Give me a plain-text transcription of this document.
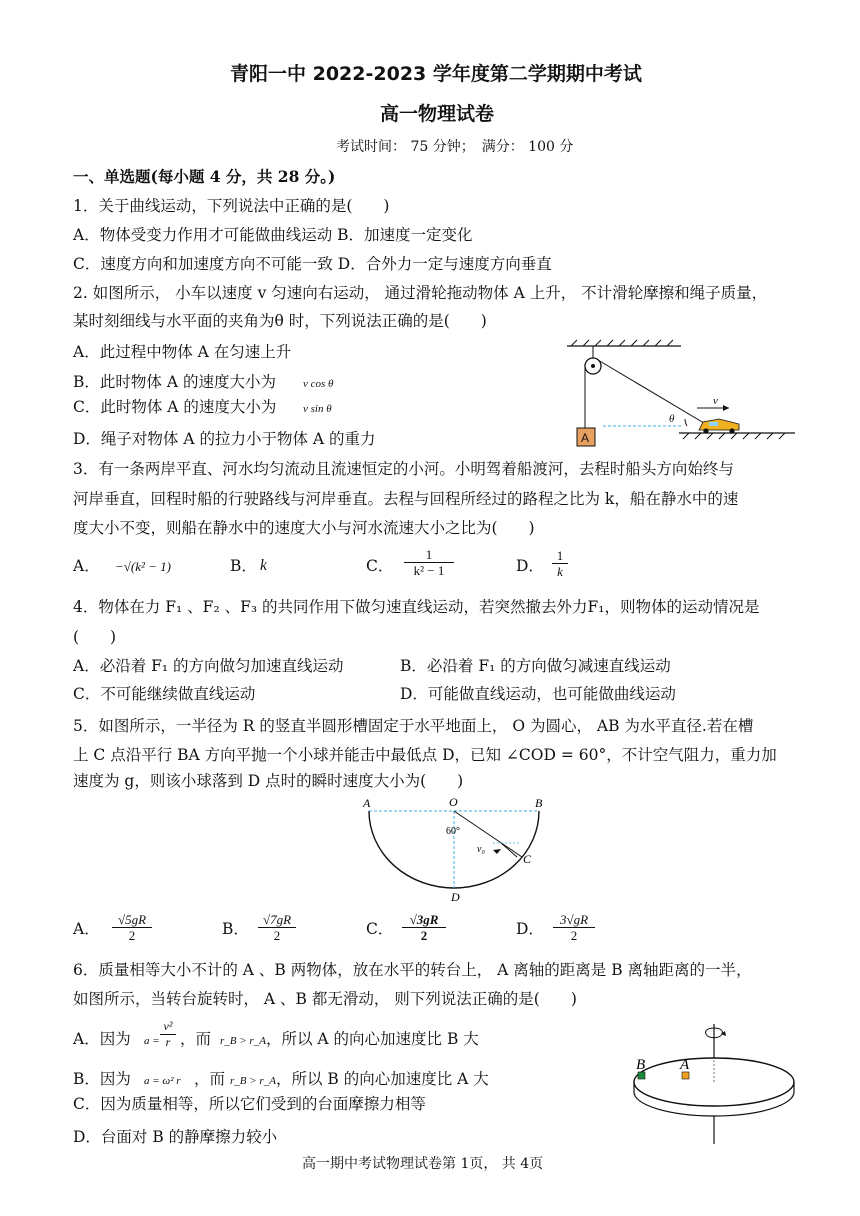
青阳一中 2022-2023 学年度第二学期期中考试
高一物理试卷
考试时间： 75 分钟；　满分： 100 分
一、单选题(每小题 4 分，共 28 分。)
1．关于曲线运动，下列说法中正确的是(　　)
A．物体受变力作用才可能做曲线运动 B．加速度一定变化
C．速度方向和加速度方向不可能一致 D．合外力一定与速度方向垂直
2. 如图所示， 小车以速度 v 匀速向右运动， 通过滑轮拖动物体 A 上升， 不计滑轮摩擦和绳子质量，
某时刻细线与水平面的夹角为θ 时，下列说法正确的是(　　)
A．此过程中物体 A 在匀速上升
B．此时物体 A 的速度大小为 v cos θ
C．此时物体 A 的速度大小为 v sin θ
D．绳子对物体 A 的拉力小于物体 A 的重力	A
θ
v
3．有一条两岸平直、河水均匀流动且流速恒定的小河。小明驾着船渡河，去程时船头方向始终与
河岸垂直，回程时船的行驶路线与河岸垂直。去程与回程所经过的路程之比为 k，船在静水中的速
度大小不变，则船在静水中的速度大小与河水流速大小之比为(　　)
A． −√(k² − 1)	B． k	C． $\frac{1}{\text{k² − 1}}$	D． $\frac{1}{k}$
4．物体在力 F₁ 、F₂ 、F₃ 的共同作用下做匀速直线运动，若突然撤去外力F₁，则物体的运动情况是
(　　)
A．必沿着 F₁ 的方向做匀加速直线运动	B．必沿着 F₁ 的方向做匀减速直线运动
C．不可能继续做直线运动	D．可能做直线运动，也可能做曲线运动
5．如图所示，一半径为 R 的竖直半圆形槽固定于水平地面上， O 为圆心， AB 为水平直径.若在槽
上 C 点沿平行 BA 方向平抛一个小球并能击中最低点 D，已知 ∠COD = 60°，不计空气阻力，重力加
速度为 g，则该小球落到 D 点时的瞬时速度大小为(　　)
A	O	B
C
D
60°
v₀
A． $\frac{√5gR}{2}$	B． $\frac{√7gR}{2}$	C． $\frac{√3gR}{2}$	D． $\frac{3√gR}{2}$
6．质量相等大小不计的 A 、B 两物体，放在水平的转台上， A 离轴的距离是 B 离轴距离的一半，
如图所示，当转台旋转时， A 、B 都无滑动， 则下列说法正确的是(　　)
A．因为 $a = \frac{\text{v²}}{r}$ ，而 r_B > r_A ，所以 A 的向心加速度比 B 大
B．因为 a = ω² r ，而 r_B > r_A ，所以 B 的向心加速度比 A 大
C．因为质量相等，所以它们受到的台面摩擦力相等
D．台面对 B 的静摩擦力较小
B A
高一期中考试物理试卷第 1页， 共 4页
